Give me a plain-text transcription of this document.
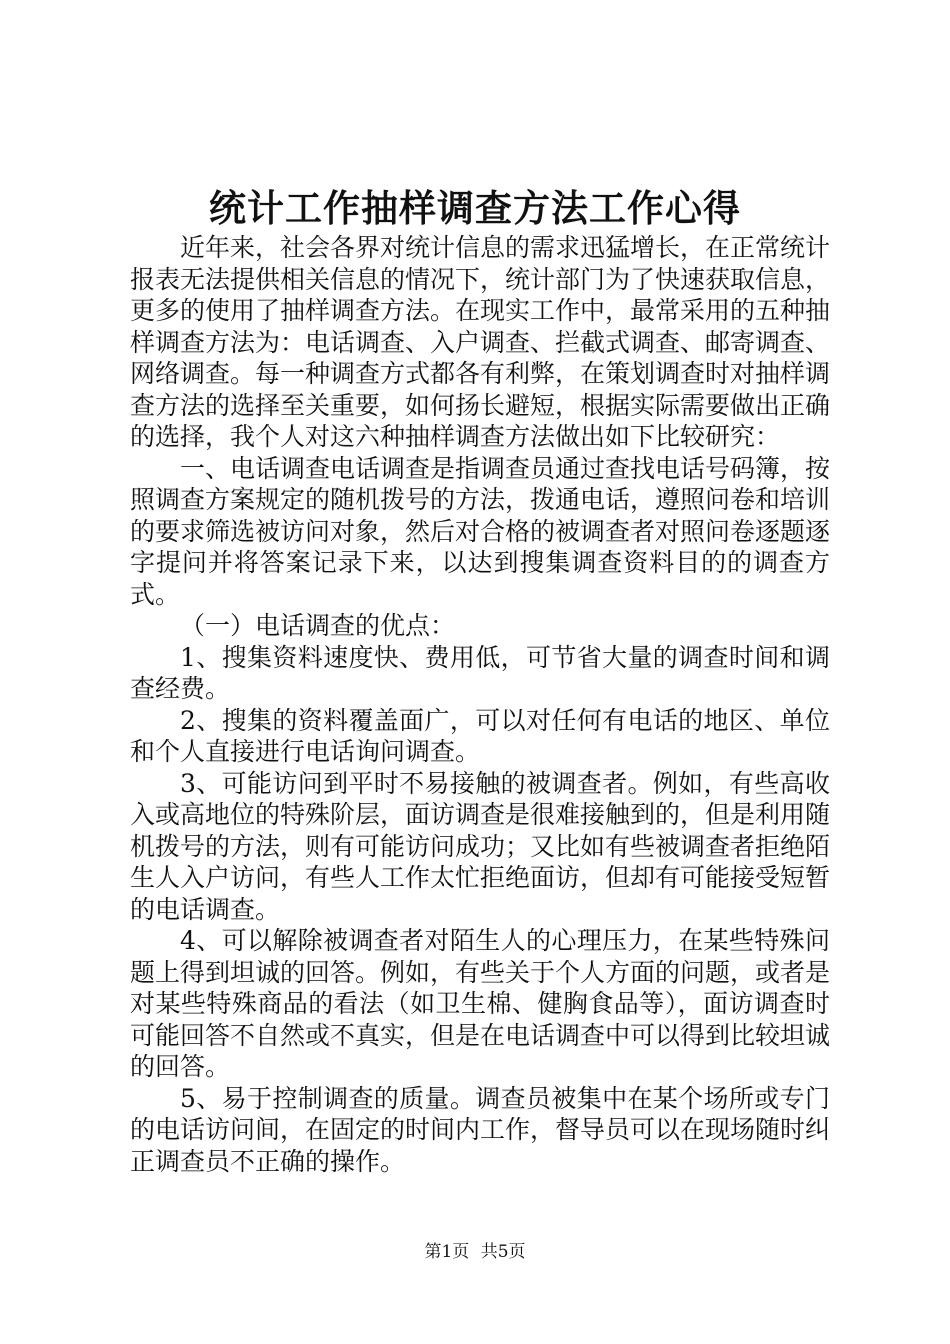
统计工作抽样调查方法工作心得

近年来，社会各界对统计信息的需求迅猛增长，在正常统计报表无法提供相关信息的情况下，统计部门为了快速获取信息，更多的使用了抽样调查方法。在现实工作中，最常采用的五种抽样调查方法为：电话调查、入户调查、拦截式调查、邮寄调查、网络调查。每一种调查方式都各有利弊，在策划调查时对抽样调查方法的选择至关重要，如何扬长避短，根据实际需要做出正确的选择，我个人对这六种抽样调查方法做出如下比较研究：

一、电话调查电话调查是指调查员通过查找电话号码簿，按照调查方案规定的随机拨号的方法，拨通电话，遵照问卷和培训的要求筛选被访问对象，然后对合格的被调查者对照问卷逐题逐字提问并将答案记录下来，以达到搜集调查资料目的的调查方式。

（一）电话调查的优点：

1、搜集资料速度快、费用低，可节省大量的调查时间和调查经费。

2、搜集的资料覆盖面广，可以对任何有电话的地区、单位和个人直接进行电话询问调查。

3、可能访问到平时不易接触的被调查者。例如，有些高收入或高地位的特殊阶层，面访调查是很难接触到的，但是利用随机拨号的方法，则有可能访问成功；又比如有些被调查者拒绝陌生人入户访问，有些人工作太忙拒绝面访，但却有可能接受短暂的电话调查。

4、可以解除被调查者对陌生人的心理压力，在某些特殊问题上得到坦诚的回答。例如，有些关于个人方面的问题，或者是对某些特殊商品的看法（如卫生棉、健胸食品等），面访调查时可能回答不自然或不真实，但是在电话调查中可以得到比较坦诚的回答。

5、易于控制调查的质量。调查员被集中在某个场所或专门的电话访问间，在固定的时间内工作，督导员可以在现场随时纠正调查员不正确的操作。

第1页 共5页
